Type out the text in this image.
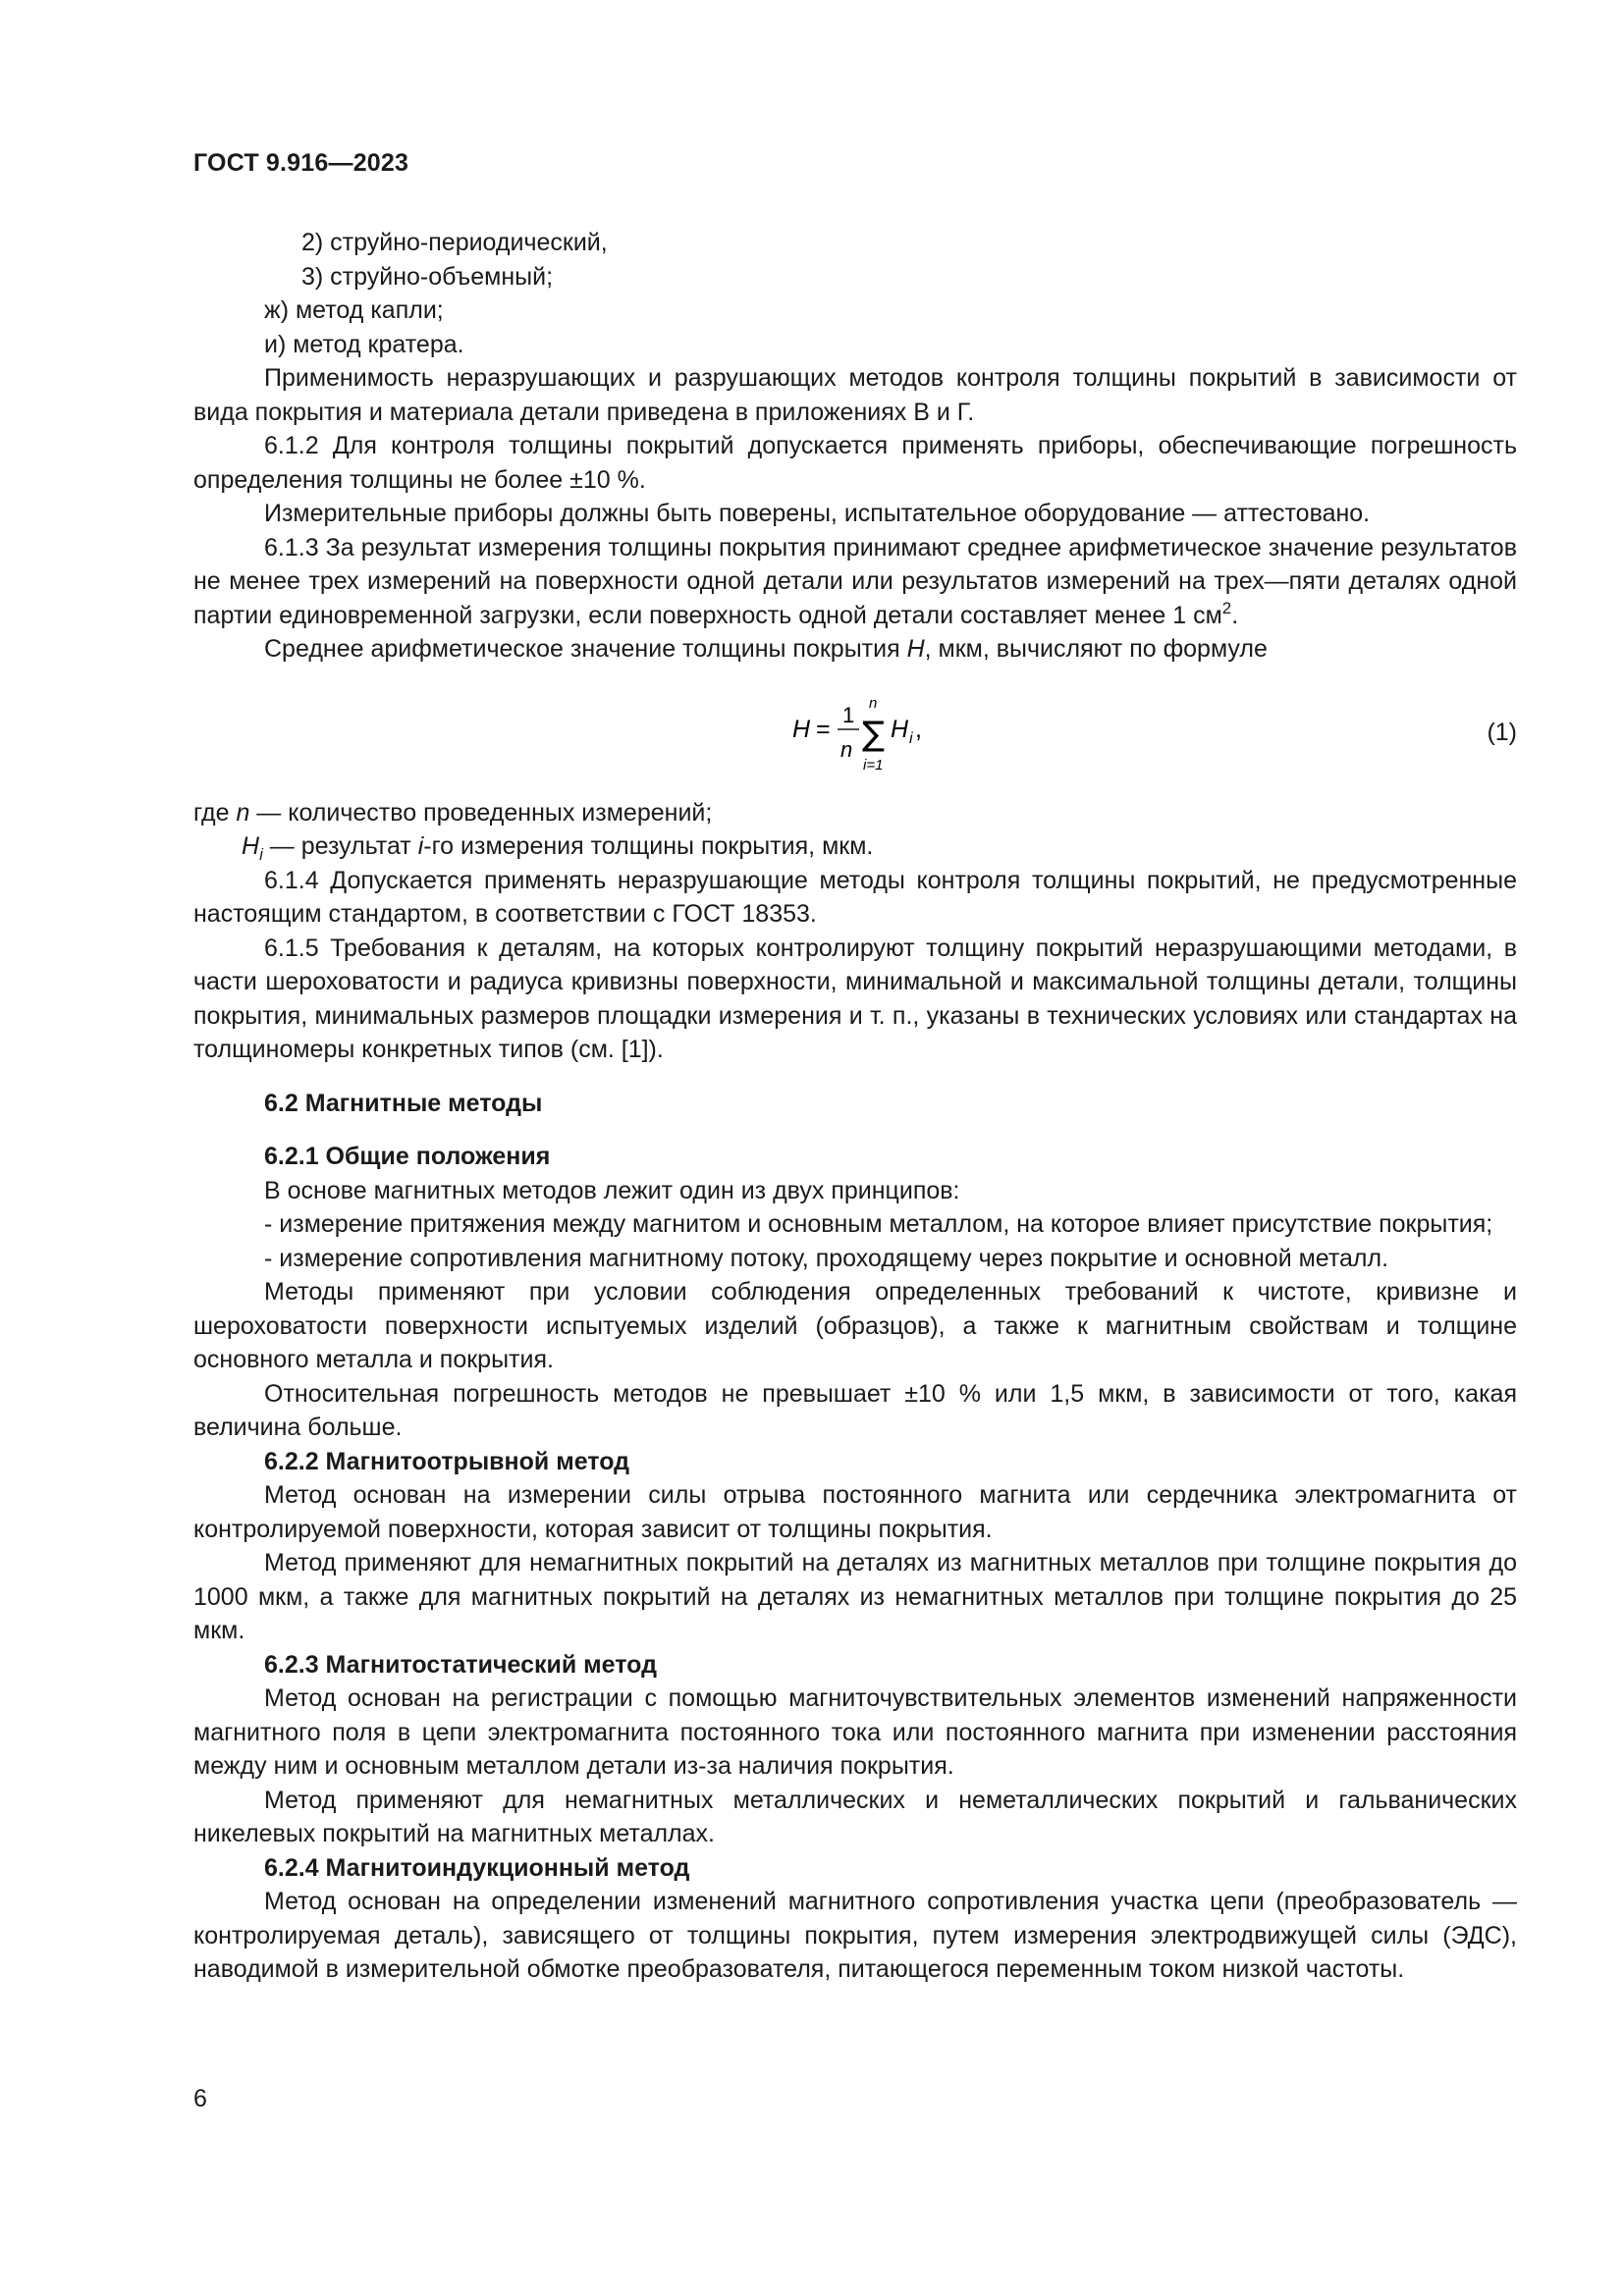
ГОСТ 9.916—2023

2) струйно-периодический,

3) струйно-объемный;

ж) метод капли;

и) метод кратера.

Применимость неразрушающих и разрушающих методов контроля толщины покрытий в зависимости от вида покрытия и материала детали приведена в приложениях В и Г.

6.1.2 Для контроля толщины покрытий допускается применять приборы, обеспечивающие погрешность определения толщины не более ±10 %.

Измерительные приборы должны быть поверены, испытательное оборудование — аттестовано.

6.1.3 За результат измерения толщины покрытия принимают среднее арифметическое значение результатов не менее трех измерений на поверхности одной детали или результатов измерений на трех—пяти деталях одной партии единовременной загрузки, если поверхность одной детали составляет менее 1 $см^2$.

Среднее арифметическое значение толщины покрытия H, мкм, вычисляют по формуле

H =
1
n
n
∑
i=1
H i ,	(1)

где n — количество проведенных измерений;

$H_i$ — результат i-го измерения толщины покрытия, мкм.

6.1.4 Допускается применять неразрушающие методы контроля толщины покрытий, не предусмотренные настоящим стандартом, в соответствии с ГОСТ 18353.

6.1.5 Требования к деталям, на которых контролируют толщину покрытий неразрушающими методами, в части шероховатости и радиуса кривизны поверхности, минимальной и максимальной толщины детали, толщины покрытия, минимальных размеров площадки измерения и т. п., указаны в технических условиях или стандартах на толщиномеры конкретных типов (см. [1]).

6.2 Магнитные методы

6.2.1 Общие положения

В основе магнитных методов лежит один из двух принципов:

- измерение притяжения между магнитом и основным металлом, на которое влияет присутствие покрытия;

- измерение сопротивления магнитному потоку, проходящему через покрытие и основной металл.

Методы применяют при условии соблюдения определенных требований к чистоте, кривизне и шероховатости поверхности испытуемых изделий (образцов), а также к магнитным свойствам и толщине основного металла и покрытия.

Относительная погрешность методов не превышает ±10 % или 1,5 мкм, в зависимости от того, какая величина больше.

6.2.2 Магнитоотрывной метод

Метод основан на измерении силы отрыва постоянного магнита или сердечника электромагнита от контролируемой поверхности, которая зависит от толщины покрытия.

Метод применяют для немагнитных покрытий на деталях из магнитных металлов при толщине покрытия до 1000 мкм, а также для магнитных покрытий на деталях из немагнитных металлов при толщине покрытия до 25 мкм.

6.2.3 Магнитостатический метод

Метод основан на регистрации с помощью магниточувствительных элементов изменений напряженности магнитного поля в цепи электромагнита постоянного тока или постоянного магнита при изменении расстояния между ним и основным металлом детали из-за наличия покрытия.

Метод применяют для немагнитных металлических и неметаллических покрытий и гальванических никелевых покрытий на магнитных металлах.

6.2.4 Магнитоиндукционный метод

Метод основан на определении изменений магнитного сопротивления участка цепи (преобразователь — контролируемая деталь), зависящего от толщины покрытия, путем измерения электродвижущей силы (ЭДС), наводимой в измерительной обмотке преобразователя, питающегося переменным током низкой частоты.

6
